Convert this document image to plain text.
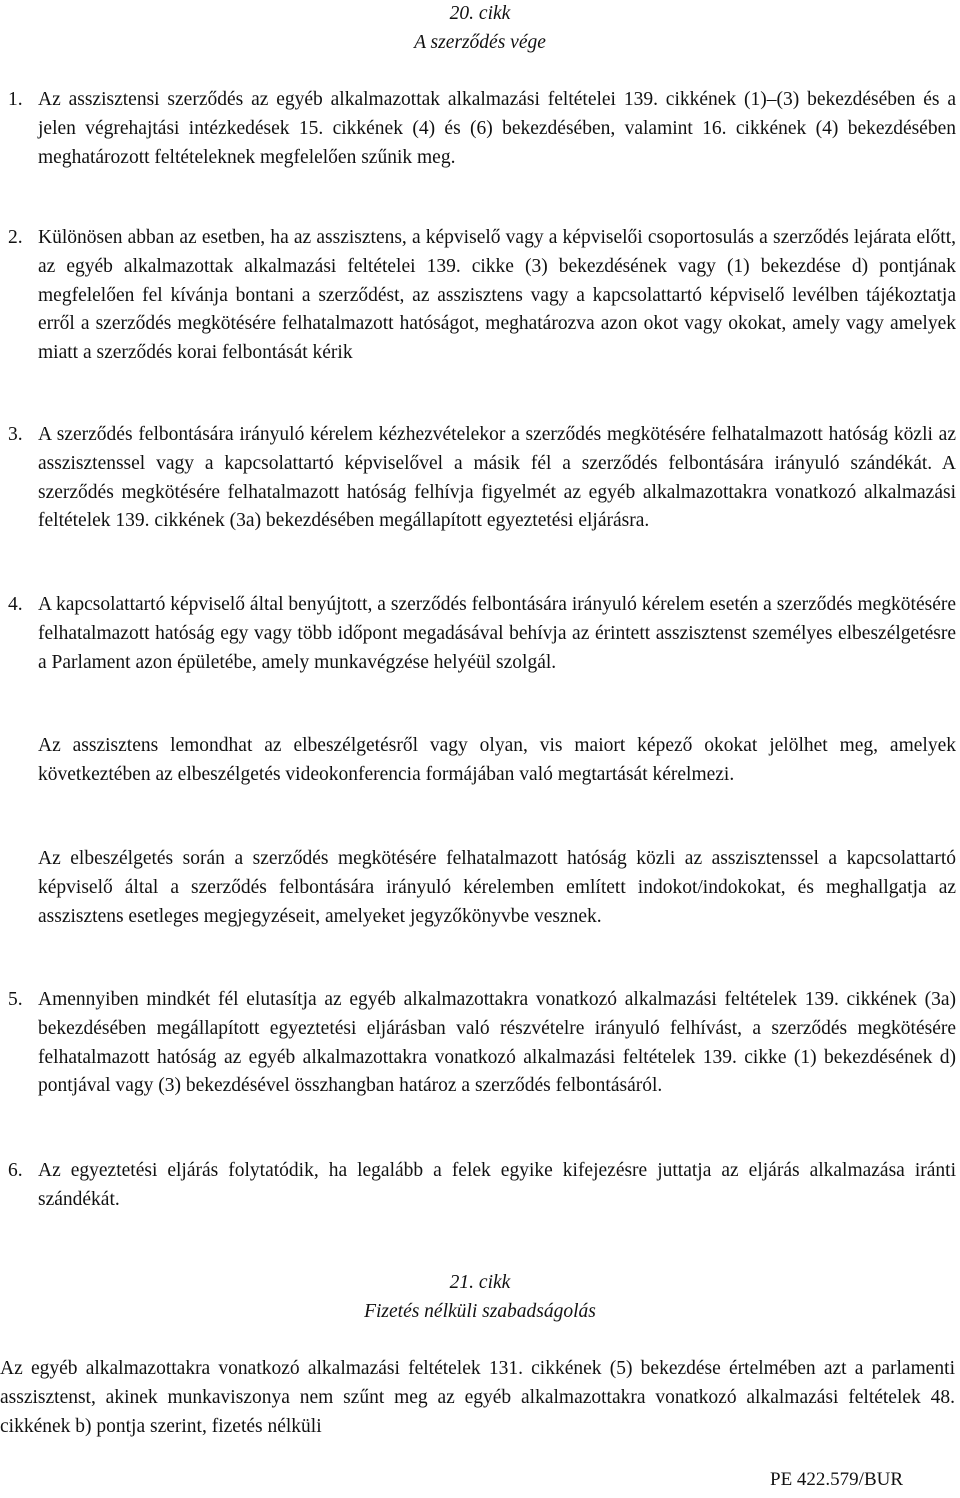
20. cikk
A szerződés vége
1. Az asszisztensi szerződés az egyéb alkalmazottak alkalmazási feltételei 139. cikkének (1)–(3) bekezdésében és a jelen végrehajtási intézkedések 15. cikkének (4) és (6) bekezdésében, valamint 16. cikkének (4) bekezdésében meghatározott feltételeknek megfelelően szűnik meg.
2. Különösen abban az esetben, ha az asszisztens, a képviselő vagy a képviselői csoportosulás a szerződés lejárata előtt, az egyéb alkalmazottak alkalmazási feltételei 139. cikke (3) bekezdésének vagy (1) bekezdése d) pontjának megfelelően fel kívánja bontani a szerződést, az asszisztens vagy a kapcsolattartó képviselő levélben tájékoztatja erről a szerződés megkötésére felhatalmazott hatóságot, meghatározva azon okot vagy okokat, amely vagy amelyek miatt a szerződés korai felbontását kérik
3. A szerződés felbontására irányuló kérelem kézhezvételekor a szerződés megkötésére felhatalmazott hatóság közli az asszisztenssel vagy a kapcsolattartó képviselővel a másik fél a szerződés felbontására irányuló szándékát. A szerződés megkötésére felhatalmazott hatóság felhívja figyelmét az egyéb alkalmazottakra vonatkozó alkalmazási feltételek 139. cikkének (3a) bekezdésében megállapított egyeztetési eljárásra.
4. A kapcsolattartó képviselő által benyújtott, a szerződés felbontására irányuló kérelem esetén a szerződés megkötésére felhatalmazott hatóság egy vagy több időpont megadásával behívja az érintett asszisztenst személyes elbeszélgetésre a Parlament azon épületébe, amely munkavégzése helyéül szolgál.
Az asszisztens lemondhat az elbeszélgetésről vagy olyan, vis maiort képező okokat jelölhet meg, amelyek következtében az elbeszélgetés videokonferencia formájában való megtartását kérelmezi.
Az elbeszélgetés során a szerződés megkötésére felhatalmazott hatóság közli az asszisztenssel a kapcsolattartó képviselő által a szerződés felbontására irányuló kérelemben említett indokot/indokokat, és meghallgatja az asszisztens esetleges megjegyzéseit, amelyeket jegyzőkönyvbe vesznek.
5. Amennyiben mindkét fél elutasítja az egyéb alkalmazottakra vonatkozó alkalmazási feltételek 139. cikkének (3a) bekezdésében megállapított egyeztetési eljárásban való részvételre irányuló felhívást, a szerződés megkötésére felhatalmazott hatóság az egyéb alkalmazottakra vonatkozó alkalmazási feltételek 139. cikke (1) bekezdésének d) pontjával vagy (3) bekezdésével összhangban határoz a szerződés felbontásáról.
6. Az egyeztetési eljárás folytatódik, ha legalább a felek egyike kifejezésre juttatja az eljárás alkalmazása iránti szándékát.
21. cikk
Fizetés nélküli szabadságolás
Az egyéb alkalmazottakra vonatkozó alkalmazási feltételek 131. cikkének (5) bekezdése értelmében azt a parlamenti asszisztenst, akinek munkaviszonya nem szűnt meg az egyéb alkalmazottakra vonatkozó alkalmazási feltételek 48. cikkének b) pontja szerint, fizetés nélküli
PE 422.579/BUR
